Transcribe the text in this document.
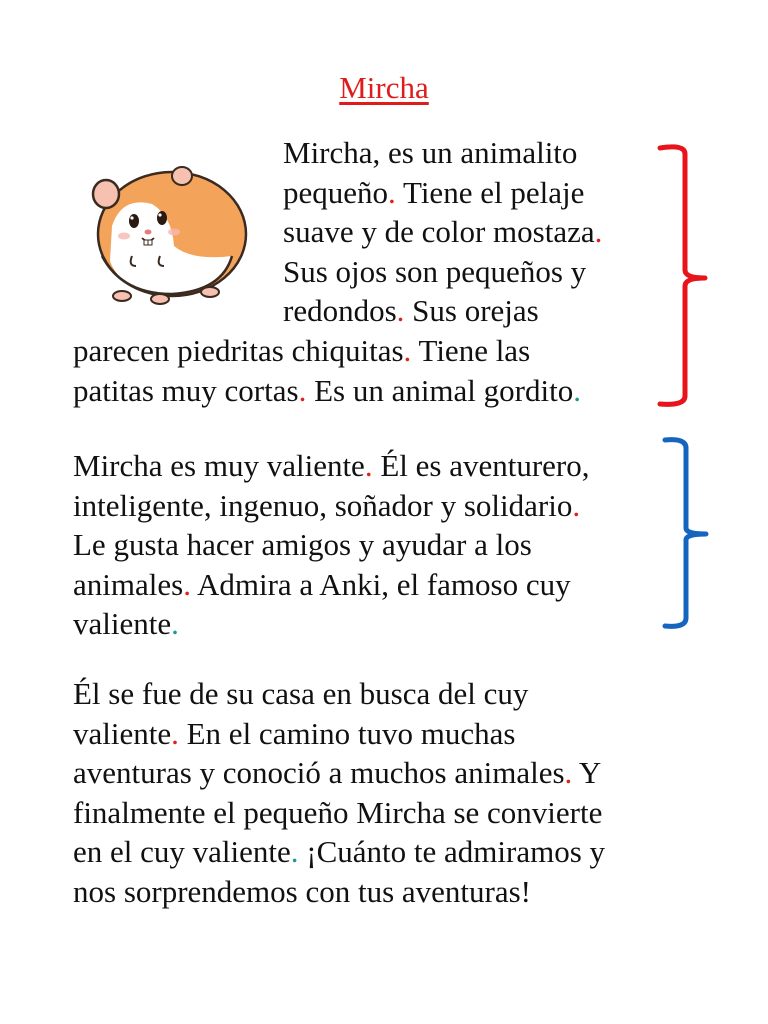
Mircha
Mircha, es un animalito
pequeño. Tiene el pelaje
suave y de color mostaza.
Sus ojos son pequeños y
redondos. Sus orejas
parecen piedritas chiquitas. Tiene las
patitas muy cortas. Es un animal gordito.
Mircha es muy valiente. Él es aventurero,
inteligente, ingenuo, soñador y solidario.
Le gusta hacer amigos y ayudar a los
animales. Admira a Anki, el famoso cuy
valiente.
Él se fue de su casa en busca del cuy
valiente. En el camino tuvo muchas
aventuras y conoció a muchos animales. Y
finalmente el pequeño Mircha se convierte
en el cuy valiente. ¡Cuánto te admiramos y
nos sorprendemos con tus aventuras!
